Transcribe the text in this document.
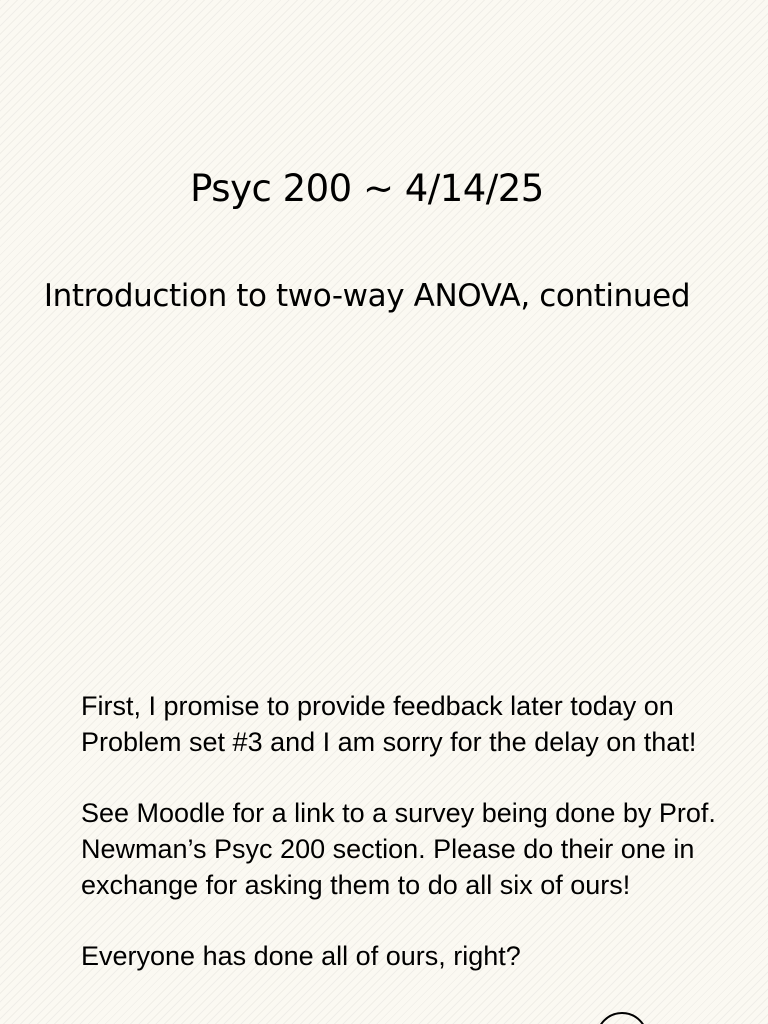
Psyc 200 ~ 4/14/25
Introduction to two-way ANOVA, continued

First, I promise to provide feedback later today on Problem set #3 and I am sorry for the delay on that!

See Moodle for a link to a survey being done by Prof. Newman’s Psyc 200 section. Please do their one in exchange for asking them to do all six of ours!

Everyone has done all of ours, right?
